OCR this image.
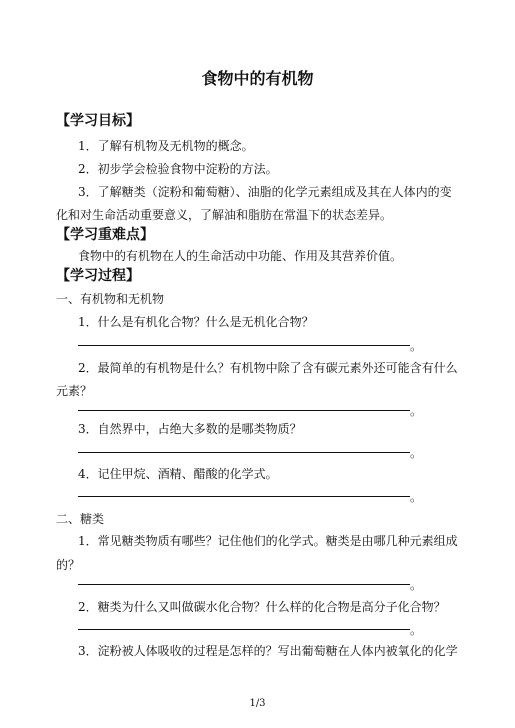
食物中的有机物
【学习目标】
1．了解有机物及无机物的概念。
2．初步学会检验食物中淀粉的方法。
3．了解糖类（淀粉和葡萄糖）、油脂的化学元素组成及其在人体内的变
化和对生命活动重要意义，了解油和脂肪在常温下的状态差异。
【学习重难点】
食物中的有机物在人的生命活动中功能、作用及其营养价值。
【学习过程】
一、有机物和无机物
1．什么是有机化合物？什么是无机化合物？
。
2．最简单的有机物是什么？有机物中除了含有碳元素外还可能含有什么
元素？
。
3．自然界中，占绝大多数的是哪类物质？
。
4．记住甲烷、酒精、醋酸的化学式。
。
二、糖类
1．常见糖类物质有哪些？记住他们的化学式。糖类是由哪几种元素组成
的？
。
2．糖类为什么又叫做碳水化合物？什么样的化合物是高分子化合物？
。
3．淀粉被人体吸收的过程是怎样的？写出葡萄糖在人体内被氧化的化学
1/3
